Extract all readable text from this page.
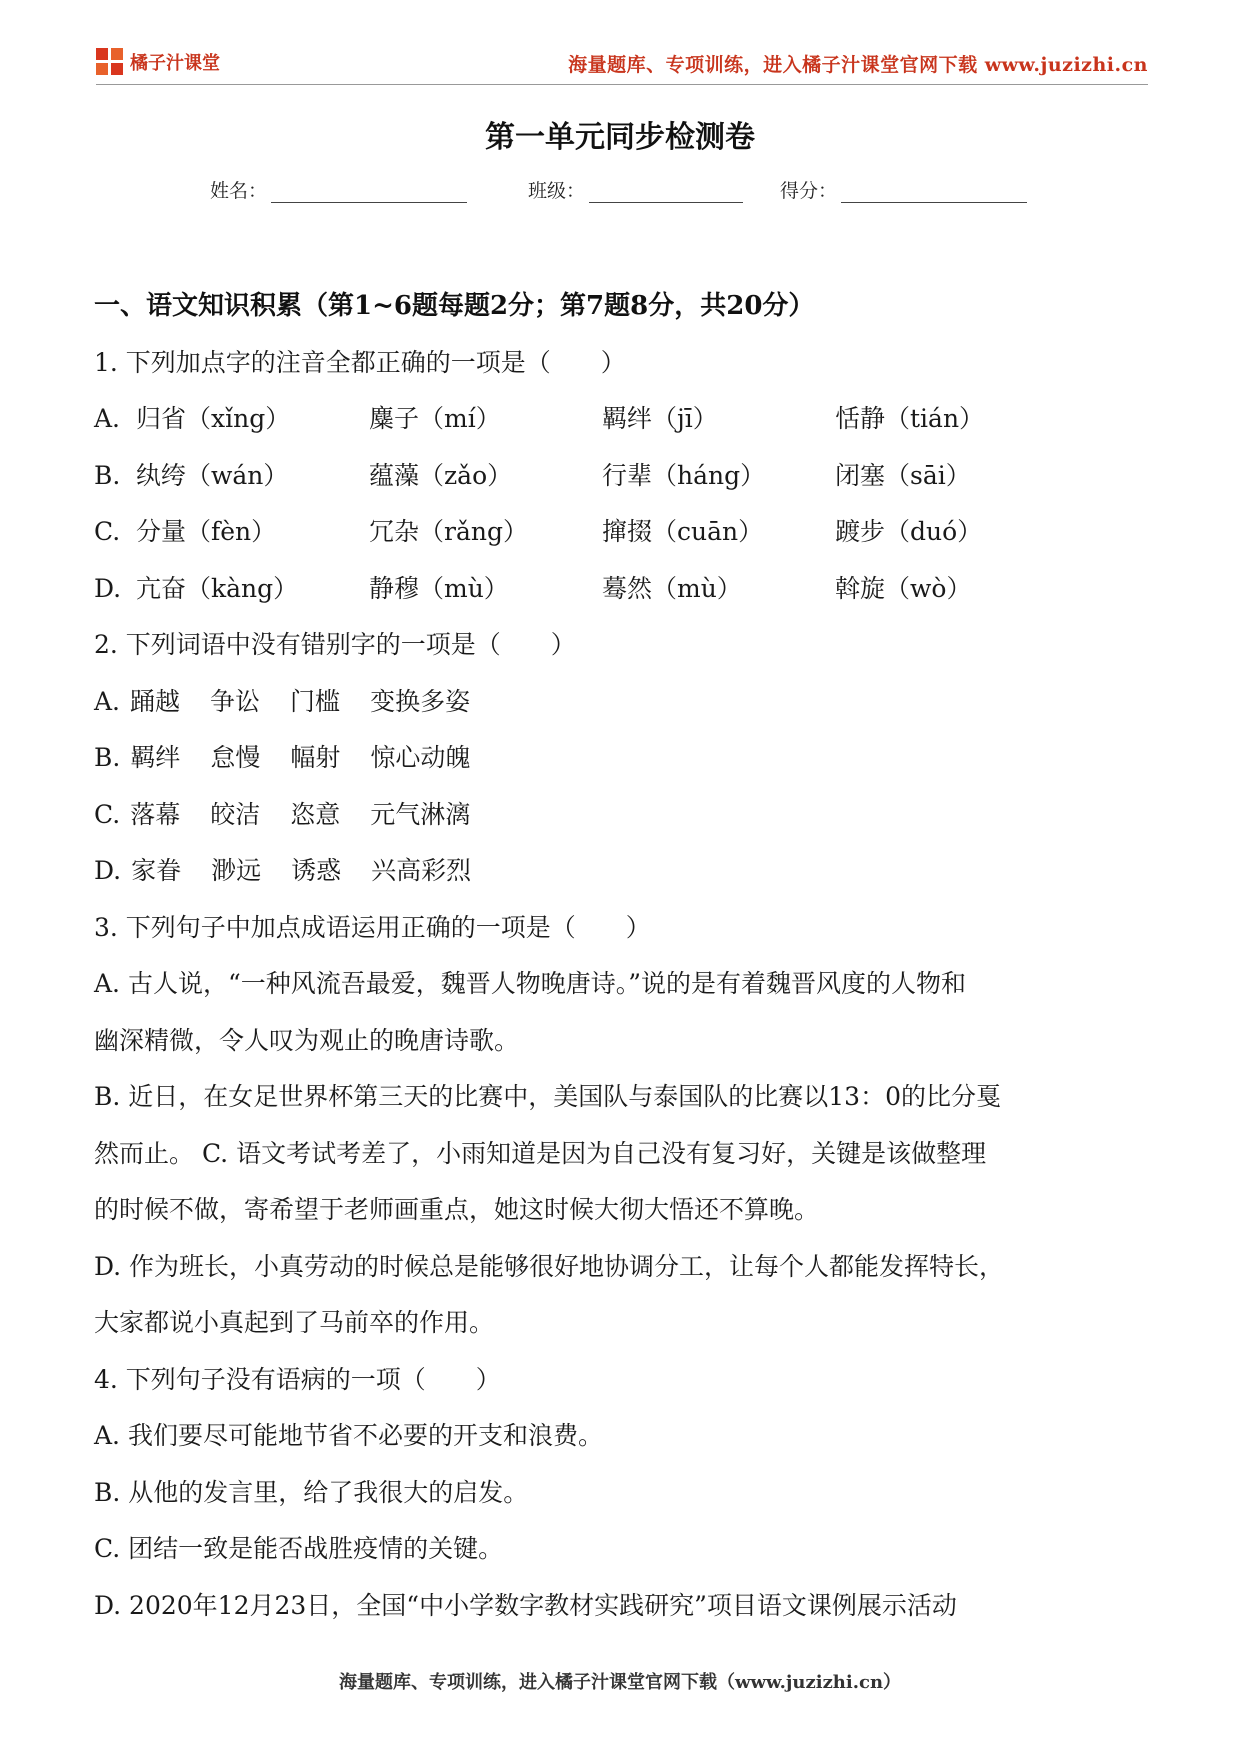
橘子汁课堂	海量题库、专项训练，进入橘子汁课堂官网下载 www.juzizhi.cn
第一单元同步检测卷
姓名：	班级：	得分：
一、语文知识积累（第1~6题每题2分；第7题8分，共20分）
1. 下列加点字的注音全都正确的一项是（　　）
A. 归省（xǐng）	麋子（mí）	羁绊（jī）	恬静（tián）
B. 纨绔（wán）	蕴藻（zǎo）	行辈（háng）	闭塞（sāi）
C. 分量（fèn）	冗杂（rǎng）	撺掇（cuān）	踱步（duó）
D. 亢奋（kàng）	静穆（mù）	蓦然（mù）	斡旋（wò）
2. 下列词语中没有错别字的一项是（　　）
A. 踊越 争讼 门槛 变换多姿
B. 羁绊 怠慢 幅射 惊心动魄
C. 落幕 皎洁 恣意 元气淋漓
D. 家眷 渺远 诱惑 兴高彩烈
3. 下列句子中加点成语运用正确的一项是（　　）
A. 古人说，“一种风流吾最爱，魏晋人物晚唐诗。”说的是有着魏晋风度的人物和
幽深精微，令人叹为观止的晚唐诗歌。
B. 近日，在女足世界杯第三天的比赛中，美国队与泰国队的比赛以13：0的比分戛
然而止。 C. 语文考试考差了，小雨知道是因为自己没有复习好，关键是该做整理
的时候不做，寄希望于老师画重点，她这时候大彻大悟还不算晚。
D. 作为班长，小真劳动的时候总是能够很好地协调分工，让每个人都能发挥特长，
大家都说小真起到了马前卒的作用。
4. 下列句子没有语病的一项（　　）
A. 我们要尽可能地节省不必要的开支和浪费。
B. 从他的发言里，给了我很大的启发。
C. 团结一致是能否战胜疫情的关键。
D. 2020年12月23日，全国“中小学数字教材实践研究”项目语文课例展示活动
海量题库、专项训练，进入橘子汁课堂官网下载（www.juzizhi.cn）
